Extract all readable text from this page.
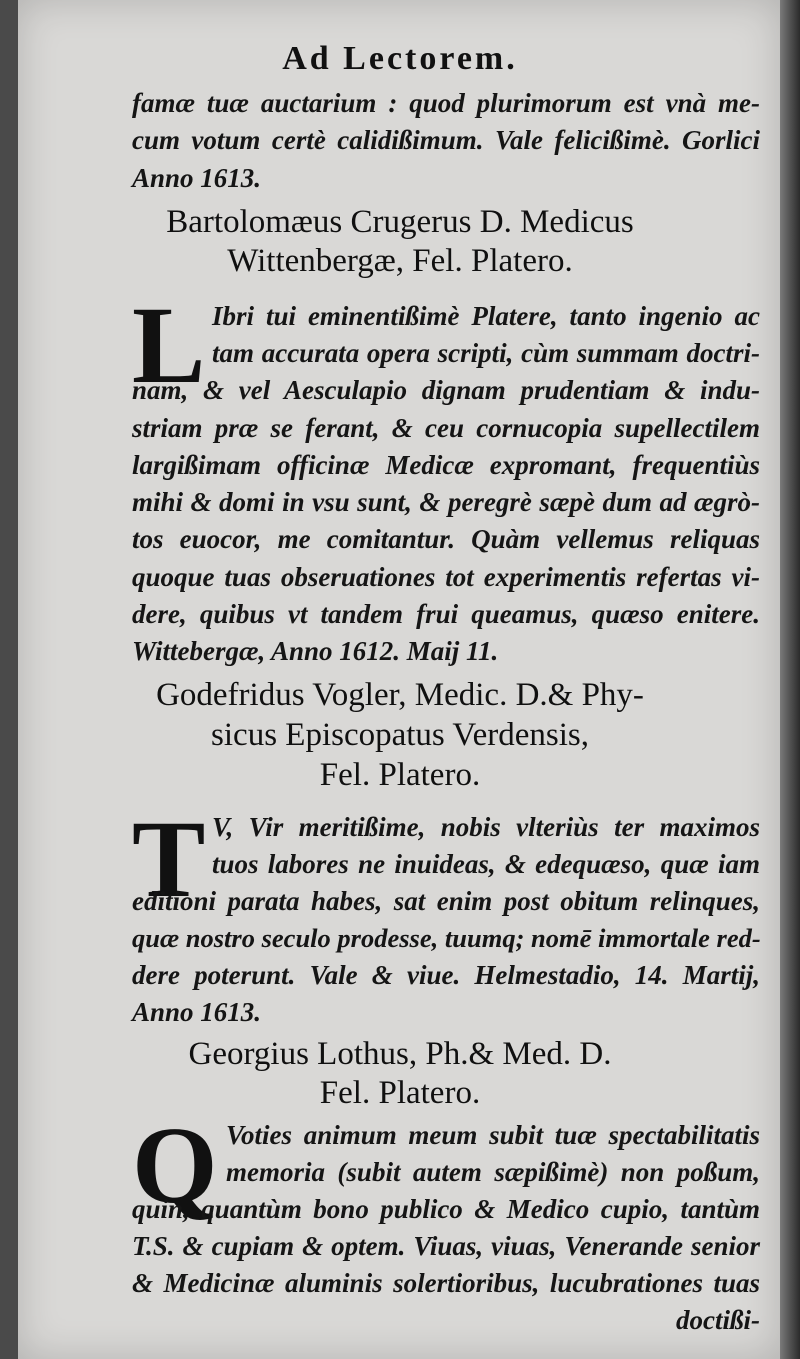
Ad Lectorem.
famæ tuæ auctarium : quod plurimorum est vnà me-
cum votum certè calidißimum. Vale felicißimè. Gorlici
Anno 1613.
Bartolomæus Crugerus D. Medicus
Wittenbergæ, Fel. Platero.
L Ibri tui eminentißimè Platere, tanto ingenio ac
tam accurata opera scripti, cùm summam doctri-
nam, & vel Aesculapio dignam prudentiam & indu-
striam præ se ferant, & ceu cornucopia supellectilem
largißimam officinæ Medicæ expromant, frequentiùs
mihi & domi in vsu sunt, & peregrè sæpè dum ad ægrò-
tos euocor, me comitantur. Quàm vellemus reliquas
quoque tuas obseruationes tot experimentis refertas vi-
dere, quibus vt tandem frui queamus, quæso enitere.
Wittebergæ, Anno 1612. Maij 11.
Godefridus Vogler, Medic. D.& Phy-
sicus Episcopatus Verdensis,
Fel. Platero.
T V, Vir meritißime, nobis vlteriùs ter maximos
tuos labores ne inuideas, & edequæso, quæ iam
editioni parata habes, sat enim post obitum relinques,
quæ nostro seculo prodesse, tuumq; nomē immortale red-
dere poterunt. Vale & viue. Helmestadio, 14. Martij,
Anno 1613.
Georgius Lothus, Ph.& Med. D.
Fel. Platero.
Q Voties animum meum subit tuæ spectabilitatis
memoria (subit autem sæpißimè) non poßum,
quin, quantùm bono publico & Medico cupio, tantùm
T.S. & cupiam & optem. Viuas, viuas, Venerande senior
& Medicinæ aluminis solertioribus, lucubrationes tuas
doctißi-
